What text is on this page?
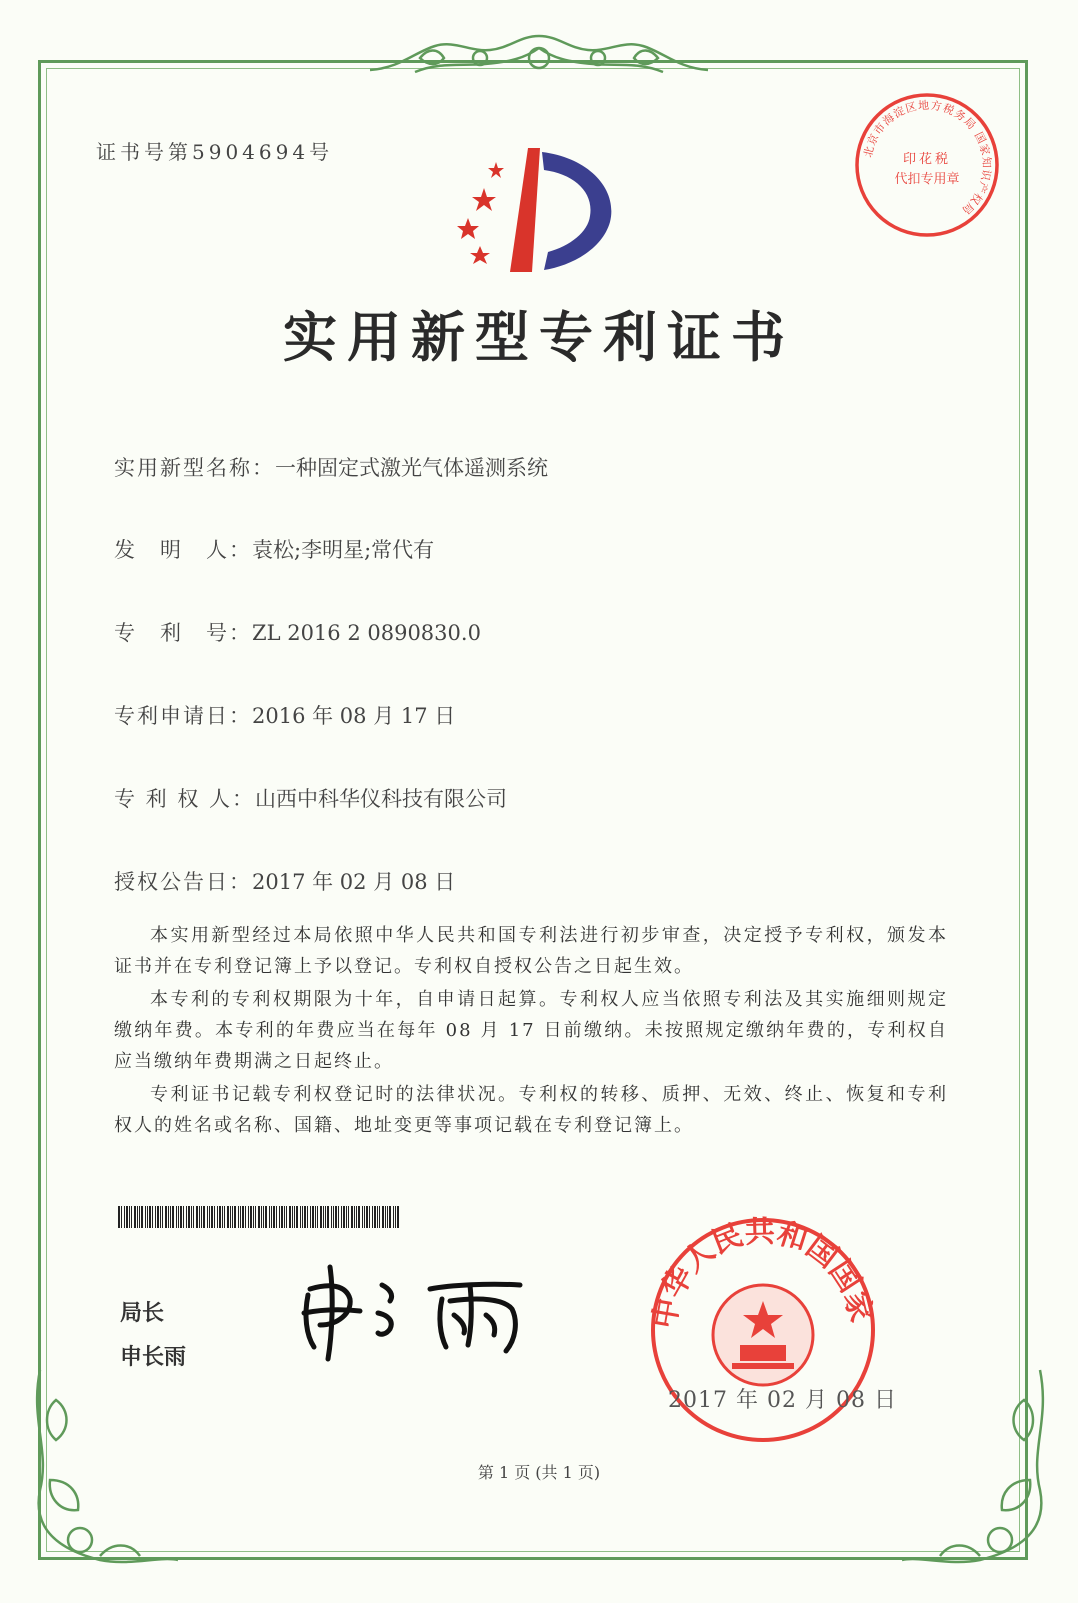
证书号第5904694号	北京市海淀区地方税务局 国家知识产权局
印花税
代扣专用章
实用新型专利证书
实用新型名称：一种固定式激光气体遥测系统
发　明　人：袁松;李明星;常代有
专　利　号：ZL 2016 2 0890830.0
专利申请日：2016 年 08 月 17 日
专 利 权 人：山西中科华仪科技有限公司
授权公告日：2017 年 02 月 08 日

本实用新型经过本局依照中华人民共和国专利法进行初步审查，决定授予专利权，颁发本证书并在专利登记簿上予以登记。专利权自授权公告之日起生效。

本专利的专利权期限为十年，自申请日起算。专利权人应当依照专利法及其实施细则规定缴纳年费。本专利的年费应当在每年 08 月 17 日前缴纳。未按照规定缴纳年费的，专利权自应当缴纳年费期满之日起终止。

专利证书记载专利权登记时的法律状况。专利权的转移、质押、无效、终止、恢复和专利权人的姓名或名称、国籍、地址变更等事项记载在专利登记簿上。

局长
申长雨
中华人民共和国国家
2017 年 02 月 08 日
第 1 页 (共 1 页)
